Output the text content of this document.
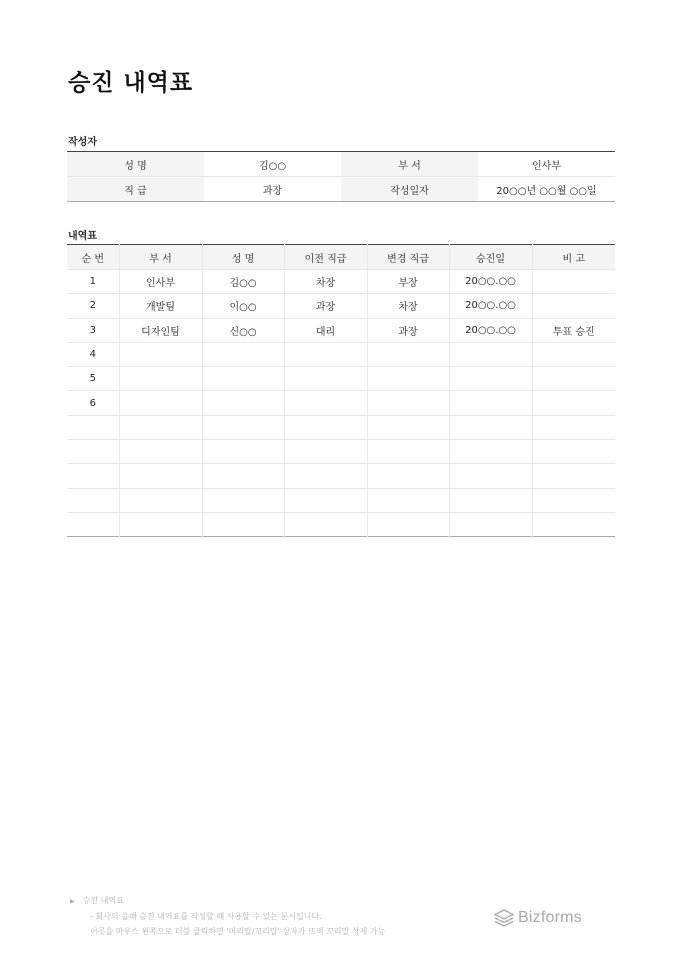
승진 내역표
작성자
성 명	김○○	부 서	인사부
직 급	과장	작성일자	20○○년 ○○월 ○○일
내역표
순 번	부 서	성 명	이전 직급	변경 직급	승진일	비 고
1	인사부	김○○	차장	부장	20○○.○○	
2	개발팀	이○○	과장	차장	20○○.○○	
3	디자인팀	신○○	대리	과장	20○○.○○	투표 승진
4						
5						
6						

▶ 승진 내역표
- 회사의 을해 승진 내역표를 작성할 때 사용할 수 있는 문서입니다.
이곳을 마우스 왼쪽으로 더블 클릭하면 '머리말/꼬리말' 상자가 뜨며 꼬리말 삭제 가능
Bizforms
